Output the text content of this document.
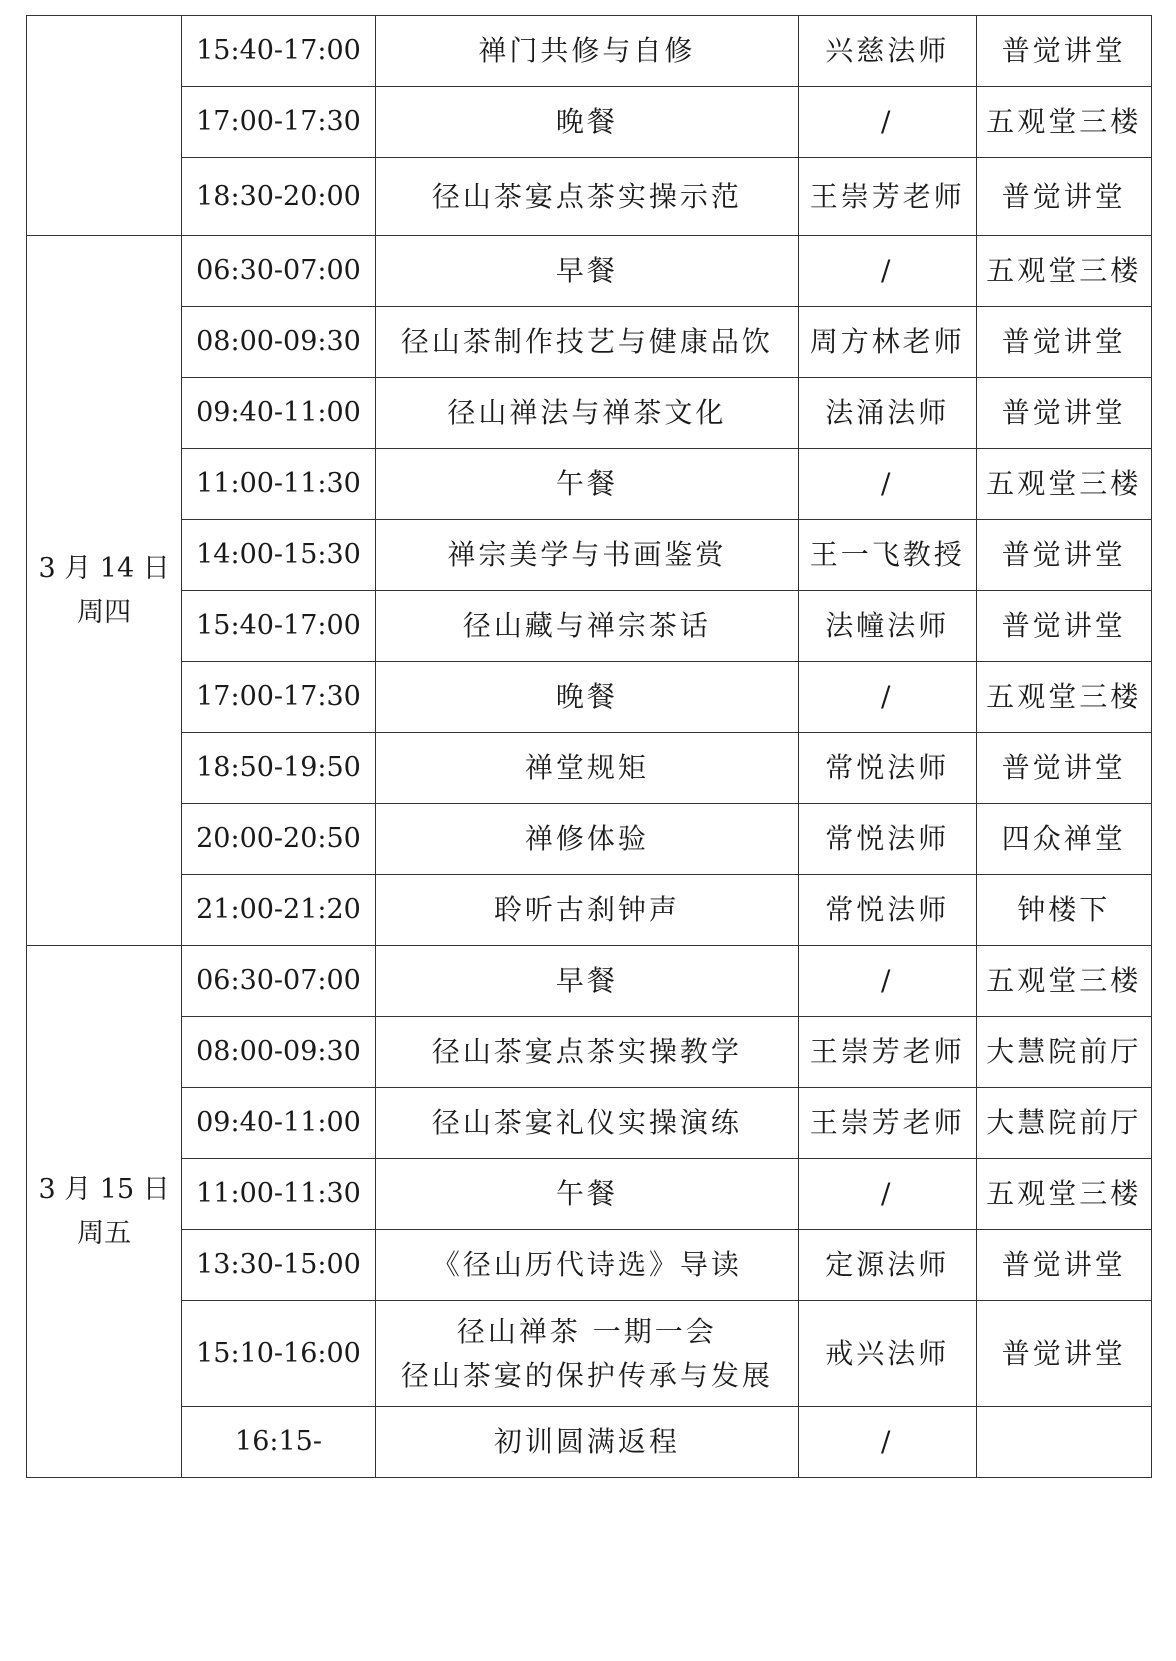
	15:40-17:00	禅门共修与自修	兴慈法师	普觉讲堂
	17:00-17:30	晚餐	/	五观堂三楼
	18:30-20:00	径山茶宴点茶实操示范	王崇芳老师	普觉讲堂

3 月 14 日
周四	06:30-07:00	早餐	/	五观堂三楼
	08:00-09:30	径山茶制作技艺与健康品饮	周方林老师	普觉讲堂
	09:40-11:00	径山禅法与禅茶文化	法涌法师	普觉讲堂
	11:00-11:30	午餐	/	五观堂三楼
	14:00-15:30	禅宗美学与书画鉴赏	王一飞教授	普觉讲堂
	15:40-17:00	径山藏与禅宗茶话	法幢法师	普觉讲堂
	17:00-17:30	晚餐	/	五观堂三楼
	18:50-19:50	禅堂规矩	常悦法师	普觉讲堂
	20:00-20:50	禅修体验	常悦法师	四众禅堂
	21:00-21:20	聆听古刹钟声	常悦法师	钟楼下

3 月 15 日
周五	06:30-07:00	早餐	/	五观堂三楼
	08:00-09:30	径山茶宴点茶实操教学	王崇芳老师	大慧院前厅
	09:40-11:00	径山茶宴礼仪实操演练	王崇芳老师	大慧院前厅
	11:00-11:30	午餐	/	五观堂三楼
	13:30-15:00	《径山历代诗选》导读	定源法师	普觉讲堂
	15:10-16:00	径山禅茶 一期一会
径山茶宴的保护传承与发展	戒兴法师	普觉讲堂
	16:15-	初训圆满返程	/	
